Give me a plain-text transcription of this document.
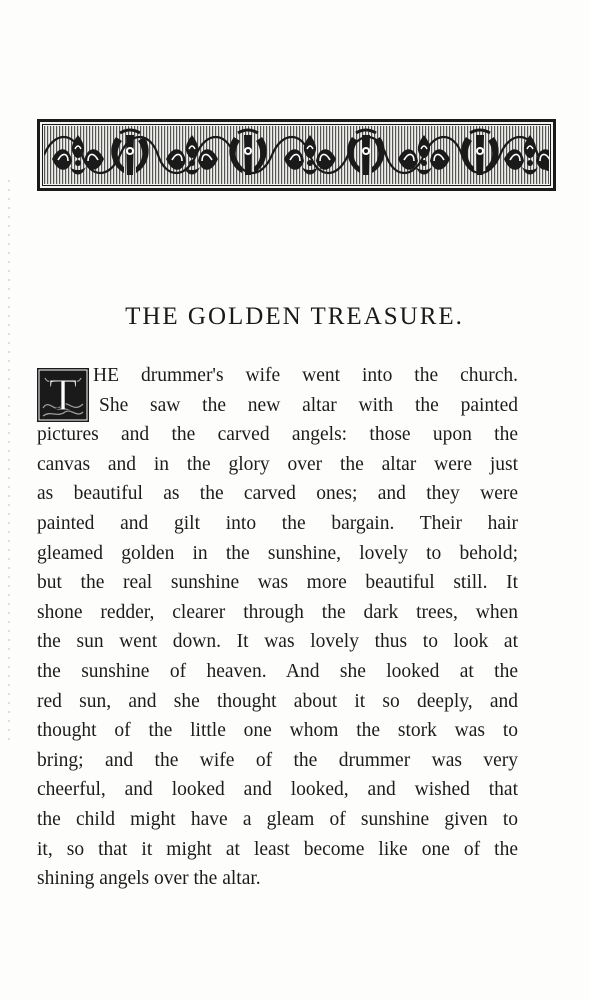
THE GOLDEN TREASURE.
T HE drummer's wife went into the church.
She saw the new altar with the painted
pictures and the carved angels: those upon the
canvas and in the glory over the altar were just
as beautiful as the carved ones; and they were
painted and gilt into the bargain. Their hair
gleamed golden in the sunshine, lovely to behold;
but the real sunshine was more beautiful still. It
shone redder, clearer through the dark trees, when
the sun went down. It was lovely thus to look at
the sunshine of heaven. And she looked at the
red sun, and she thought about it so deeply, and
thought of the little one whom the stork was to
bring; and the wife of the drummer was very
cheerful, and looked and looked, and wished that
the child might have a gleam of sunshine given to
it, so that it might at least become like one of the
shining angels over the altar.
